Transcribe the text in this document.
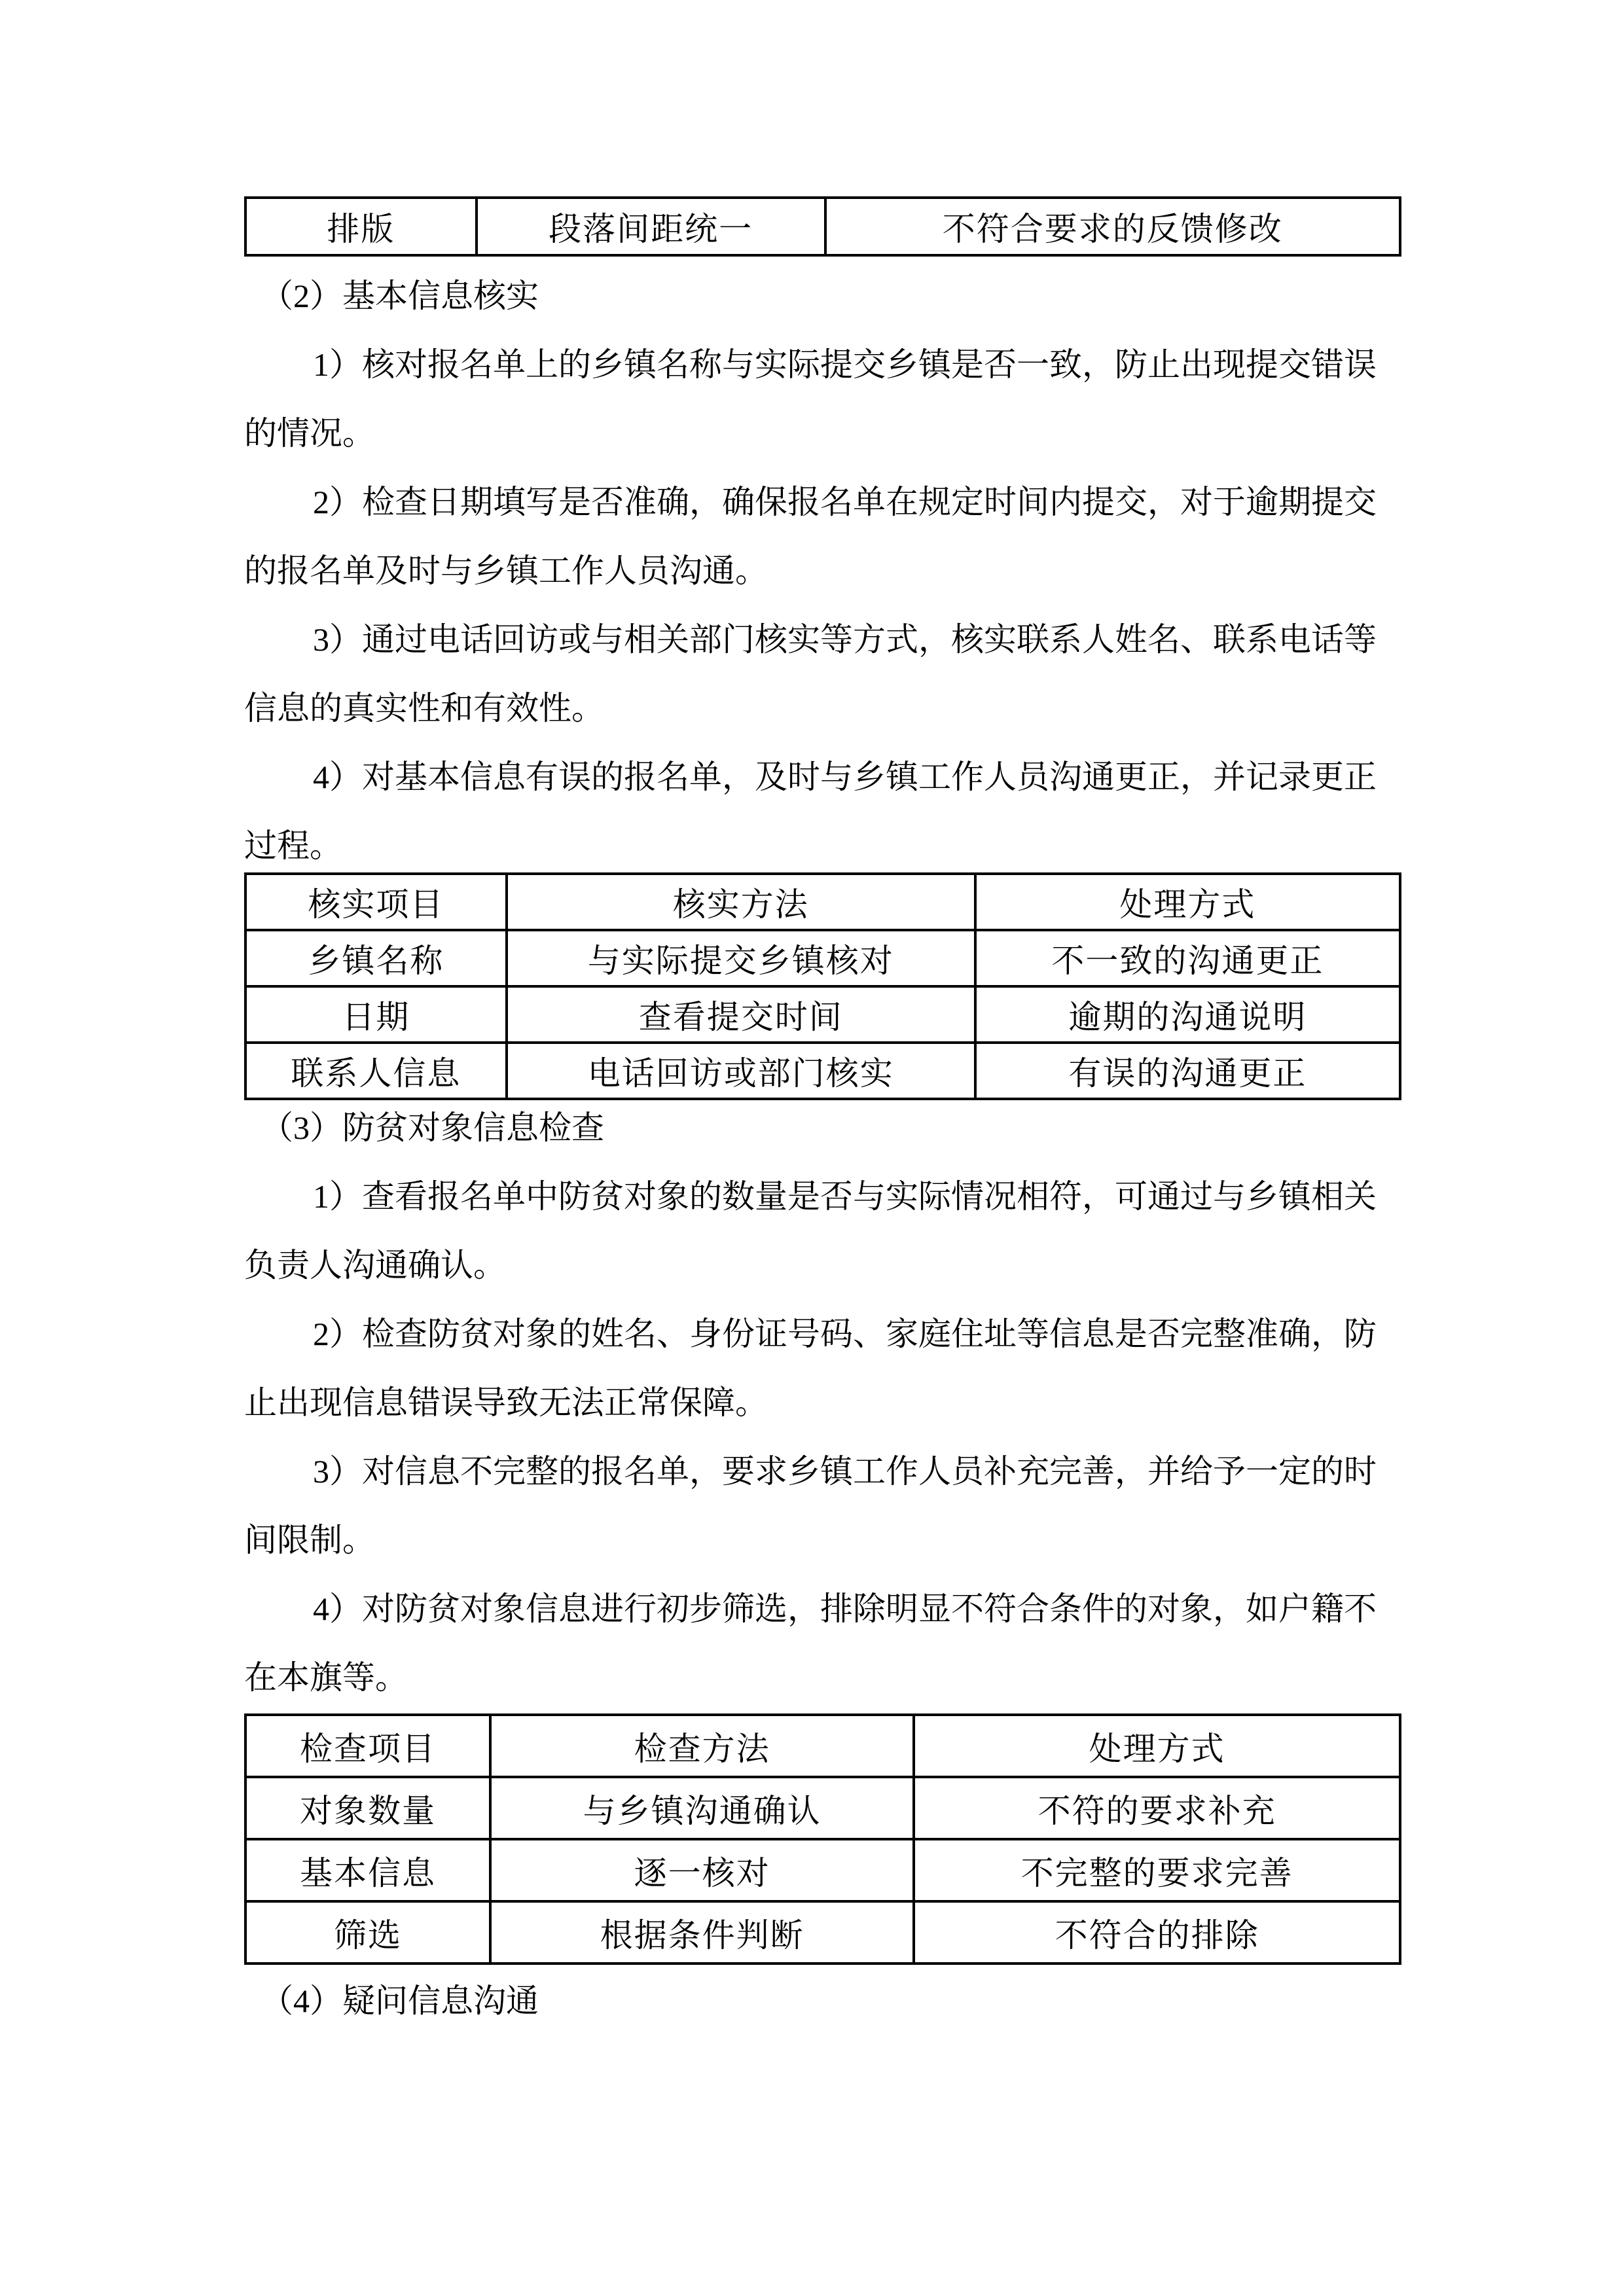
排版	段落间距统一	不符合要求的反馈修改
（2）基本信息核实
1）核对报名单上的乡镇名称与实际提交乡镇是否一致，防止出现提交错误
的情况。
2）检查日期填写是否准确，确保报名单在规定时间内提交，对于逾期提交
的报名单及时与乡镇工作人员沟通。
3）通过电话回访或与相关部门核实等方式，核实联系人姓名、联系电话等
信息的真实性和有效性。
4）对基本信息有误的报名单，及时与乡镇工作人员沟通更正，并记录更正
过程。
核实项目	核实方法	处理方式
乡镇名称	与实际提交乡镇核对	不一致的沟通更正
日期	查看提交时间	逾期的沟通说明
联系人信息	电话回访或部门核实	有误的沟通更正
（3）防贫对象信息检查
1）查看报名单中防贫对象的数量是否与实际情况相符，可通过与乡镇相关
负责人沟通确认。
2）检查防贫对象的姓名、身份证号码、家庭住址等信息是否完整准确，防
止出现信息错误导致无法正常保障。
3）对信息不完整的报名单，要求乡镇工作人员补充完善，并给予一定的时
间限制。
4）对防贫对象信息进行初步筛选，排除明显不符合条件的对象，如户籍不
在本旗等。
检查项目	检查方法	处理方式
对象数量	与乡镇沟通确认	不符的要求补充
基本信息	逐一核对	不完整的要求完善
筛选	根据条件判断	不符合的排除
（4）疑问信息沟通
